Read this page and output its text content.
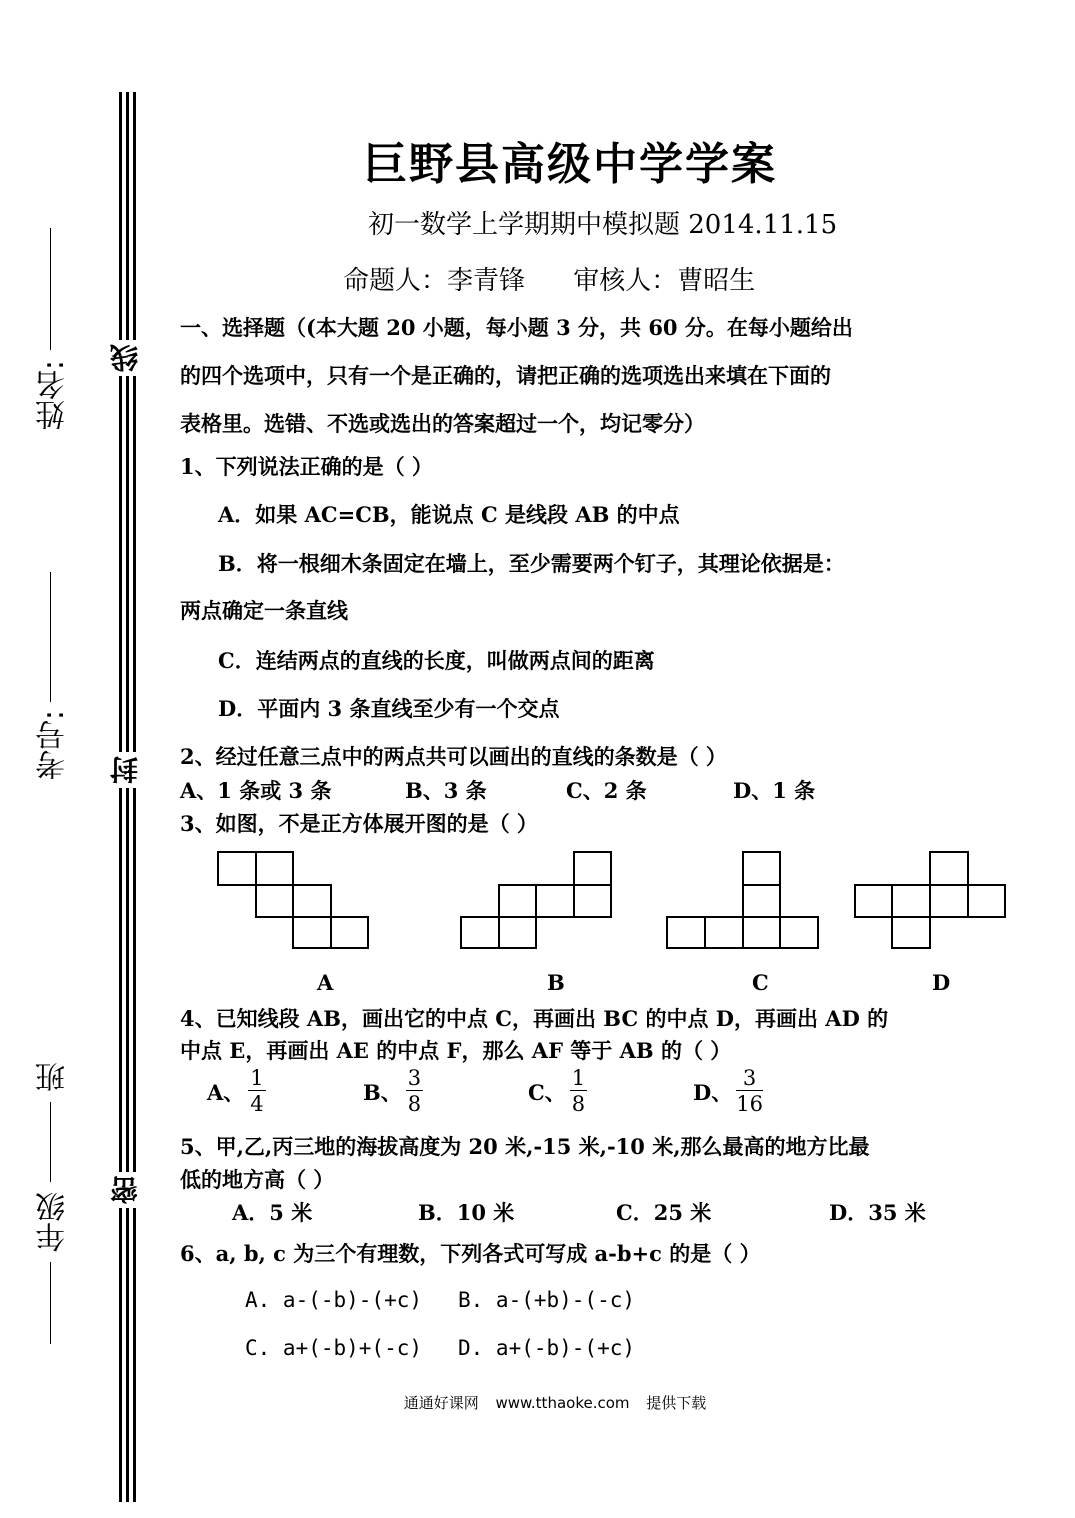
线
封
密
姓名:
考号:
班
年级
巨野县高级中学学案
初一数学上学期期中模拟题 2014.11.15
命题人：李青锋 审核人：曹昭生
一、选择题（(本大题 20 小题，每小题 3 分，共 60 分。在每小题给出
的四个选项中，只有一个是正确的，请把正确的选项选出来填在下面的
表格里。选错、不选或选出的答案超过一个，均记零分）
1、下列说法正确的是（ ）
A．如果 AC=CB，能说点 C 是线段 AB 的中点
B．将一根细木条固定在墙上，至少需要两个钉子，其理论依据是：
两点确定一条直线
C．连结两点的直线的长度，叫做两点间的距离
D．平面内 3 条直线至少有一个交点
2、经过任意三点中的两点共可以画出的直线的条数是（ ）
A、1 条或 3 条	B、3 条	C、2 条	D、1 条
3、如图，不是正方体展开图的是（ ）
A	B	C	D
4、已知线段 AB，画出它的中点 C，再画出 BC 的中点 D，再画出 AD 的
中点 E，再画出 AE 的中点 F，那么 AF 等于 AB 的（ ）
A、 $\frac{1}{4}$	B、 $\frac{3}{8}$	C、 $\frac{1}{8}$	D、 $\frac{3}{16}$
5、甲,乙,丙三地的海拔高度为 20 米,-15 米,-10 米,那么最高的地方比最
低的地方高（ ）
A．5 米	B．10 米	C．25 米	D．35 米
6、a, b, c 为三个有理数，下列各式可写成 a-b+c 的是（ ）
A. a-(-b)-(+c) B. a-(+b)-(-c)
C. a+(-b)+(-c) D. a+(-b)-(+c)
通通好课网 www.tthaoke.com 提供下载
